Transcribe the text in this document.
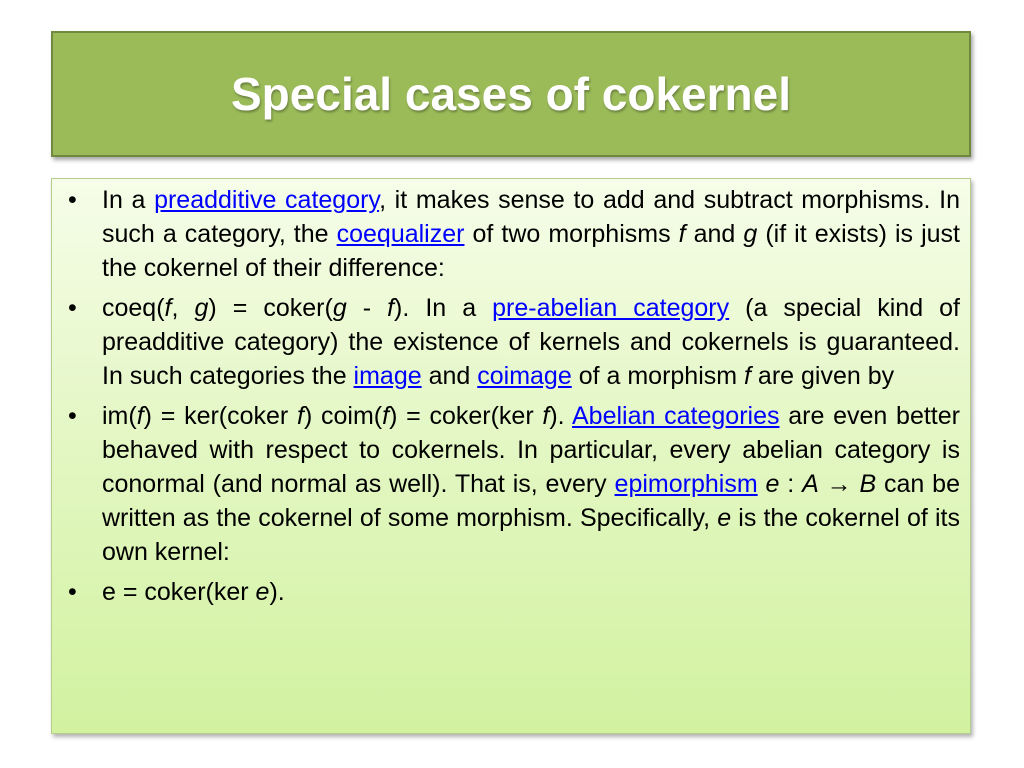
Special cases of cokernel
•	In a preadditive category, it makes sense to add and subtract morphisms. In such a category, the coequalizer of two morphisms f and g (if it exists) is just the cokernel of their difference:
•	coeq(f, g) = coker(g - f). In a pre-abelian category (a special kind of preadditive category) the existence of kernels and cokernels is guaranteed. In such categories the image and coimage of a morphism f are given by
•	im(f) = ker(coker f) coim(f) = coker(ker f). Abelian categories are even better behaved with respect to cokernels. In particular, every abelian category is conormal (and normal as well). That is, every epimorphism e : A → B can be written as the cokernel of some morphism. Specifically, e is the cokernel of its own kernel:
•	e = coker(ker e).
